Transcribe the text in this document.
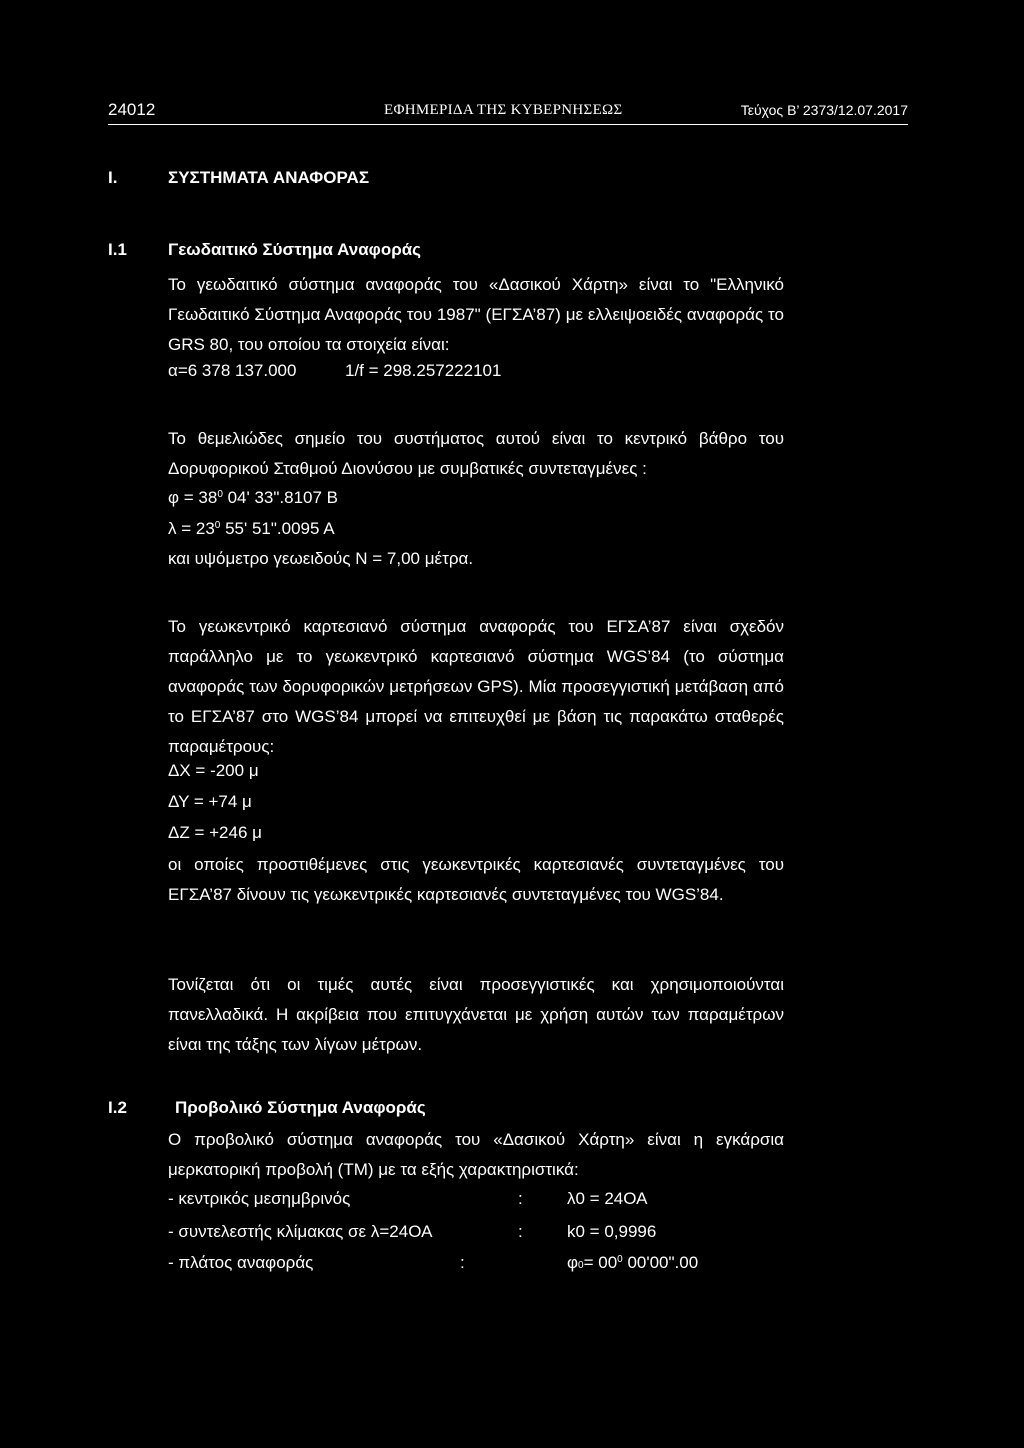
24012	ΕΦΗΜΕΡΙΔΑ ΤΗΣ ΚΥΒΕΡΝΗΣΕΩΣ	Τεύχος Β’ 2373/12.07.2017
I.	ΣΥΣΤΗΜΑΤΑ ΑΝΑΦΟΡΑΣ
I.1 Γεωδαιτικό Σύστημα Αναφοράς
Το γεωδαιτικό σύστημα αναφοράς του «Δασικού Χάρτη» είναι το "Ελληνικό Γεωδαιτικό Σύστημα Αναφοράς του 1987" (ΕΓΣΑ’87) με ελλειψοειδές αναφοράς το GRS 80, του οποίου τα στοιχεία είναι:
α=6 378 137.000	1/f = 298.257222101
Το θεμελιώδες σημείο του συστήματος αυτού είναι το κεντρικό βάθρο του Δορυφορικού Σταθμού Διονύσου με συμβατικές συντεταγμένες :
$\varphi = 38^0$ 04' 33".8107 Β
$\lambda = 23^0$ 55' 51".0095 Α
και υψόμετρο γεωειδούς Ν = 7,00 μέτρα.
Το γεωκεντρικό καρτεσιανό σύστημα αναφοράς του ΕΓΣΑ’87 είναι σχεδόν παράλληλο με το γεωκεντρικό καρτεσιανό σύστημα WGS’84 (το σύστημα αναφοράς των δορυφορικών μετρήσεων GPS). Μία προσεγγιστική μετάβαση από το ΕΓΣΑ’87 στο WGS’84 μπορεί να επιτευχθεί με βάση τις παρακάτω σταθερές παραμέτρους:
ΔΧ = -200 μ
ΔΥ = +74 μ
ΔΖ = +246 μ
οι οποίες προστιθέμενες στις γεωκεντρικές καρτεσιανές συντεταγμένες του ΕΓΣΑ’87 δίνουν τις γεωκεντρικές καρτεσιανές συντεταγμένες του WGS’84.
Τονίζεται ότι οι τιμές αυτές είναι προσεγγιστικές και χρησιμοποιούνται πανελλαδικά. Η ακρίβεια που επιτυγχάνεται με χρήση αυτών των παραμέτρων είναι της τάξης των λίγων μέτρων.
I.2	Προβολικό Σύστημα Αναφοράς
Ο προβολικό σύστημα αναφοράς του «Δασικού Χάρτη» είναι η εγκάρσια μερκατορική προβολή (ΤΜ) με τα εξής χαρακτηριστικά:
- κεντρικός μεσημβρινός	:	λ0 = 24ΟΑ
- συντελεστής κλίμακας σε λ=24ΟΑ	:	k0 = 0,9996
- πλάτος αναφοράς	:	$\varphi 0= 00^0$ 00'00".00
